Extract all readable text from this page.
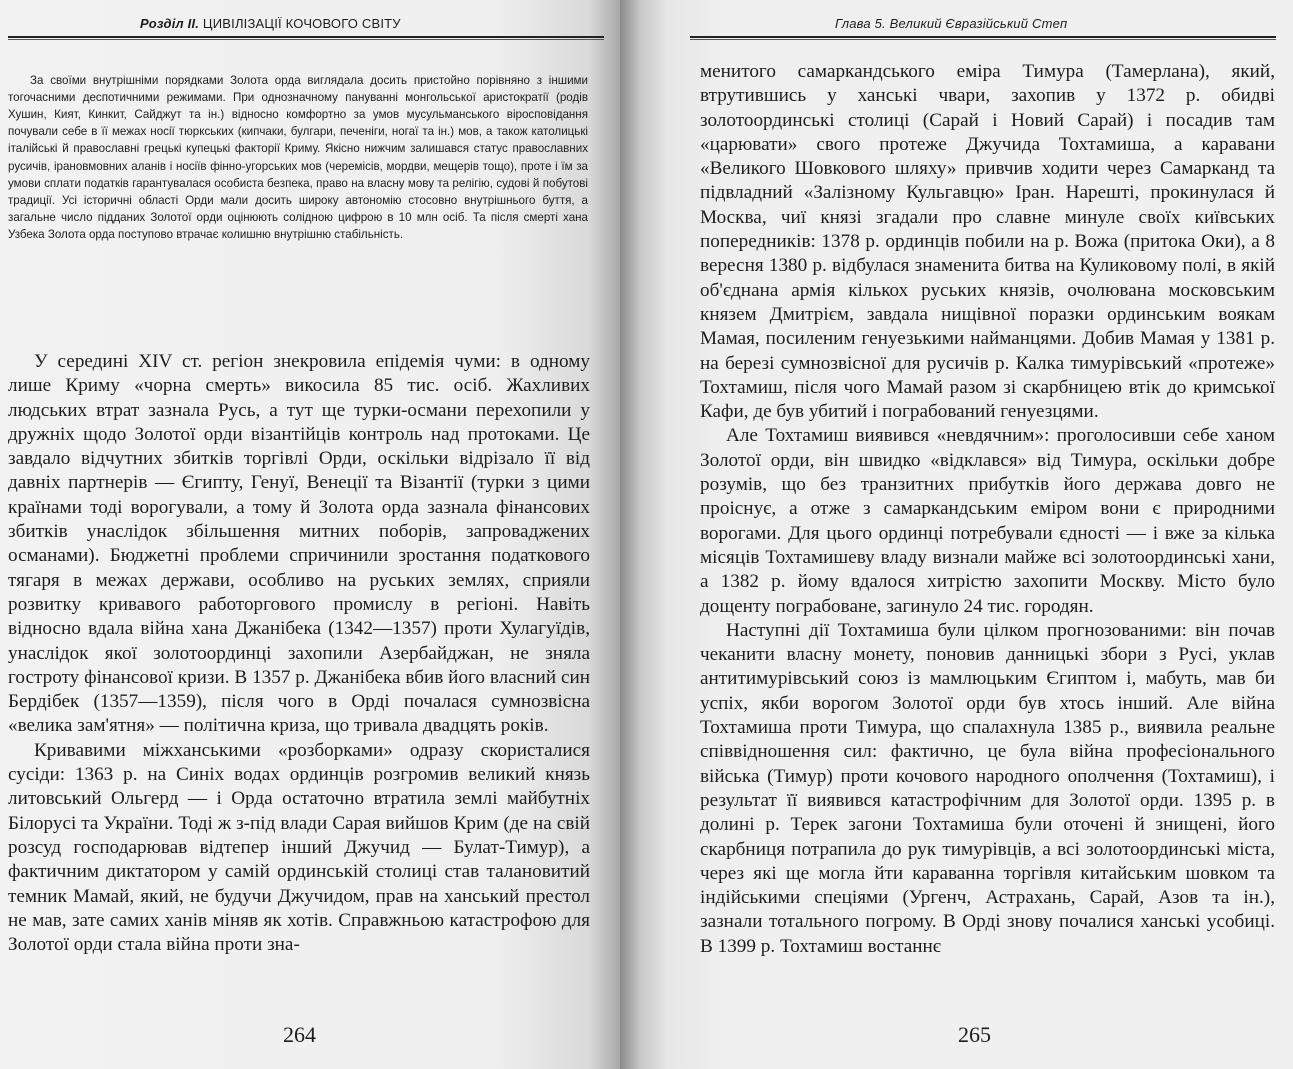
Розділ ІІ. ЦИВІЛІЗАЦІЇ КОЧОВОГО СВІТУ

За своїми внутрішніми порядками Золота орда виглядала досить пристойно порівняно з іншими тогочасними деспотичними режимами. При однозначному пануванні монгольської аристократії (родів Хушин, Кият, Кинкит, Сайджут та ін.) відносно комфортно за умов мусульманського віросповідання почували себе в її межах носії тюркських (кипчаки, булгари, печеніги, ногаї та ін.) мов, а також католицькі італійські й православні грецькі купецькі факторії Криму. Якісно нижчим залишався статус православних русичів, ірановмовних аланів і носіїв фінно-угорських мов (черемісів, мордви, мещерів тощо), проте і їм за умови сплати податків гарантувалася особиста безпека, право на власну мову та релігію, судові й побутові традиції. Усі історичні області Орди мали досить широку автономію стосовно внутрішнього буття, а загальне число підданих Золотої орди оцінюють солідною цифрою в 10 млн осіб. Та після смерті хана Узбека Золота орда поступово втрачає колишню внутрішню стабільність.

У середині XIV ст. регіон знекровила епідемія чуми: в одному лише Криму «чорна смерть» викосила 85 тис. осіб. Жахливих людських втрат зазнала Русь, а тут ще турки-османи перехопили у дружніх щодо Золотої орди візантійців контроль над протоками. Це завдало відчутних збитків торгівлі Орди, оскільки відрізало її від давніх партнерів — Єгипту, Генуї, Венеції та Візантії (турки з цими країнами тоді ворогували, а тому й Золота орда зазнала фінансових збитків унаслідок збільшення митних поборів, запроваджених османами). Бюджетні проблеми спричинили зростання податкового тягаря в межах держави, особливо на руських землях, сприяли розвитку кривавого работоргового промислу в регіоні. Навіть відносно вдала війна хана Джанібека (1342—1357) проти Хулагуїдів, унаслідок якої золотоординці захопили Азербайджан, не зняла гостроту фінансової кризи. В 1357 р. Джанібека вбив його власний син Бердібек (1357—1359), після чого в Орді почалася сумнозвісна «велика зам'ятня» — політична криза, що тривала двадцять років.

Кривавими міжханськими «розборками» одразу скористалися сусіди: 1363 р. на Синіх водах ординців розгромив великий князь литовський Ольгерд — і Орда остаточно втратила землі майбутніх Білорусі та України. Тоді ж з-під влади Сарая вийшов Крим (де на свій розсуд господарював відтепер інший Джучид — Булат-Тимур), а фактичним диктатором у самій ординській столиці став талановитий темник Мамай, який, не будучи Джучидом, прав на ханський престол не мав, зате самих ханів міняв як хотів. Справжньою катастрофою для Золотої орди стала війна проти зна-

264
Глава 5. Великий Євразійський Степ

менитого самаркандського еміра Тимура (Тамерлана), який, втрутившись у ханські чвари, захопив у 1372 р. обидві золотоординські столиці (Сарай і Новий Сарай) і посадив там «царювати» свого протеже Джучида Тохтамиша, а каравани «Великого Шовкового шляху» привчив ходити через Самарканд та підвладний «Залізному Кульгавцю» Іран. Нарешті, прокинулася й Москва, чиї князі згадали про славне минуле своїх київських попередників: 1378 р. ординців побили на р. Вожа (притока Оки), а 8 вересня 1380 р. відбулася знаменита битва на Куликовому полі, в якій об'єднана армія кількох руських князів, очолювана московським князем Дмитрієм, завдала нищівної поразки ординським воякам Мамая, посиленим генуезькими найманцями. Добив Мамая у 1381 р. на березі сумнозвісної для русичів р. Калка тимурівський «протеже» Тохтамиш, після чого Мамай разом зі скарбницею втік до кримської Кафи, де був убитий і пограбований генуезцями.

Але Тохтамиш виявився «невдячним»: проголосивши себе ханом Золотої орди, він швидко «відклався» від Тимура, оскільки добре розумів, що без транзитних прибутків його держава довго не проіснує, а отже з самаркандським еміром вони є природними ворогами. Для цього ординці потребували єдності — і вже за кілька місяців Тохтамишеву владу визнали майже всі золотоординські хани, а 1382 р. йому вдалося хитрістю захопити Москву. Місто було дощенту пограбоване, загинуло 24 тис. городян.

Наступні дії Тохтамиша були цілком прогнозованими: він почав чеканити власну монету, поновив данницькі збори з Русі, уклав антитимурівський союз із мамлюцьким Єгиптом і, мабуть, мав би успіх, якби ворогом Золотої орди був хтось інший. Але війна Тохтамиша проти Тимура, що спалахнула 1385 р., виявила реальне співвідношення сил: фактично, це була війна професіонального війська (Тимур) проти кочового народного ополчення (Тохтамиш), і результат її виявився катастрофічним для Золотої орди. 1395 р. в долині р. Терек загони Тохтамиша були оточені й знищені, його скарбниця потрапила до рук тимурівців, а всі золотоординські міста, через які ще могла йти караванна торгівля китайським шовком та індійськими спеціями (Ургенч, Астрахань, Сарай, Азов та ін.), зазнали тотального погрому. В Орді знову почалися ханські усобиці. В 1399 р. Тохтамиш востаннє

265
